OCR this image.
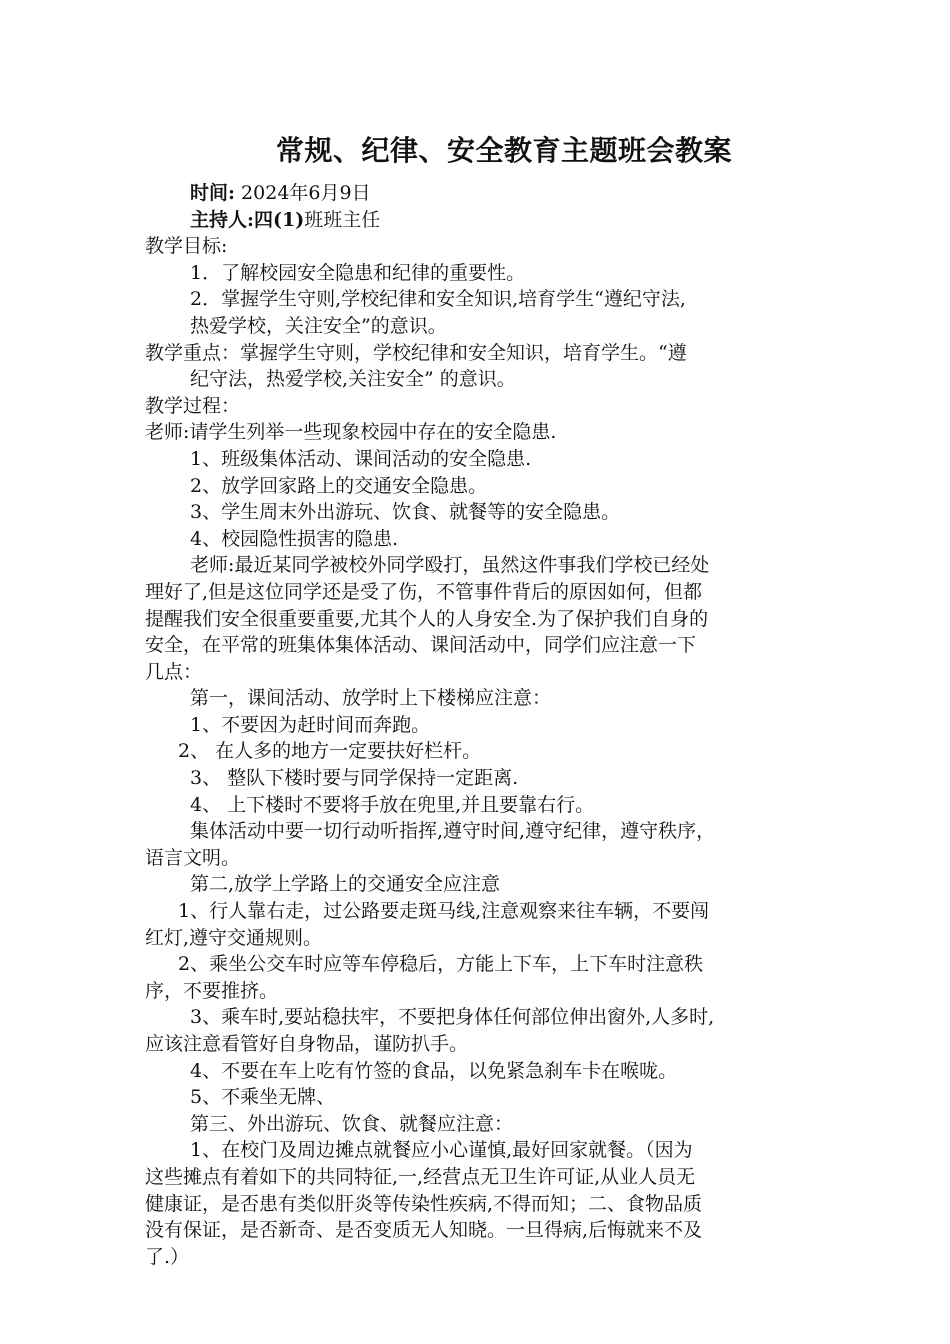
常规、纪律、安全教育主题班会教案
时间: 2024年6月9日
主持人:四(1)班班主任
教学目标:
1．了解校园安全隐患和纪律的重要性。
2．掌握学生守则,学校纪律和安全知识,培育学生“遵纪守法,
热爱学校，关注安全”的意识。
教学重点：掌握学生守则，学校纪律和安全知识，培育学生。“遵
纪守法，热爱学校,关注安全” 的意识。
教学过程：
老师:请学生列举一些现象校园中存在的安全隐患.
1、班级集体活动、课间活动的安全隐患.
2、放学回家路上的交通安全隐患。
3、学生周末外出游玩、饮食、就餐等的安全隐患。
4、校园隐性损害的隐患.
老师:最近某同学被校外同学殴打，虽然这件事我们学校已经处
理好了,但是这位同学还是受了伤，不管事件背后的原因如何，但都
提醒我们安全很重要重要,尤其个人的人身安全.为了保护我们自身的
安全，在平常的班集体集体活动、课间活动中，同学们应注意一下
几点：
第一，课间活动、放学时上下楼梯应注意：
1、不要因为赶时间而奔跑。
2、 在人多的地方一定要扶好栏杆。
3、 整队下楼时要与同学保持一定距离.
4、 上下楼时不要将手放在兜里,并且要靠右行。
集体活动中要一切行动听指挥,遵守时间,遵守纪律，遵守秩序，
语言文明。
第二,放学上学路上的交通安全应注意
1、行人靠右走，过公路要走斑马线,注意观察来往车辆，不要闯
红灯,遵守交通规则。
2、乘坐公交车时应等车停稳后，方能上下车，上下车时注意秩
序，不要推挤。
3、乘车时,要站稳扶牢，不要把身体任何部位伸出窗外,人多时,
应该注意看管好自身物品，谨防扒手。
4、不要在车上吃有竹签的食品，以免紧急刹车卡在喉咙。
5、不乘坐无牌、
第三、外出游玩、饮食、就餐应注意：
1、在校门及周边摊点就餐应小心谨慎,最好回家就餐。（因为
这些摊点有着如下的共同特征,一,经营点无卫生许可证,从业人员无
健康证，是否患有类似肝炎等传染性疾病,不得而知；二、食物品质
没有保证，是否新奇、是否变质无人知晓。一旦得病,后悔就来不及
了.）
